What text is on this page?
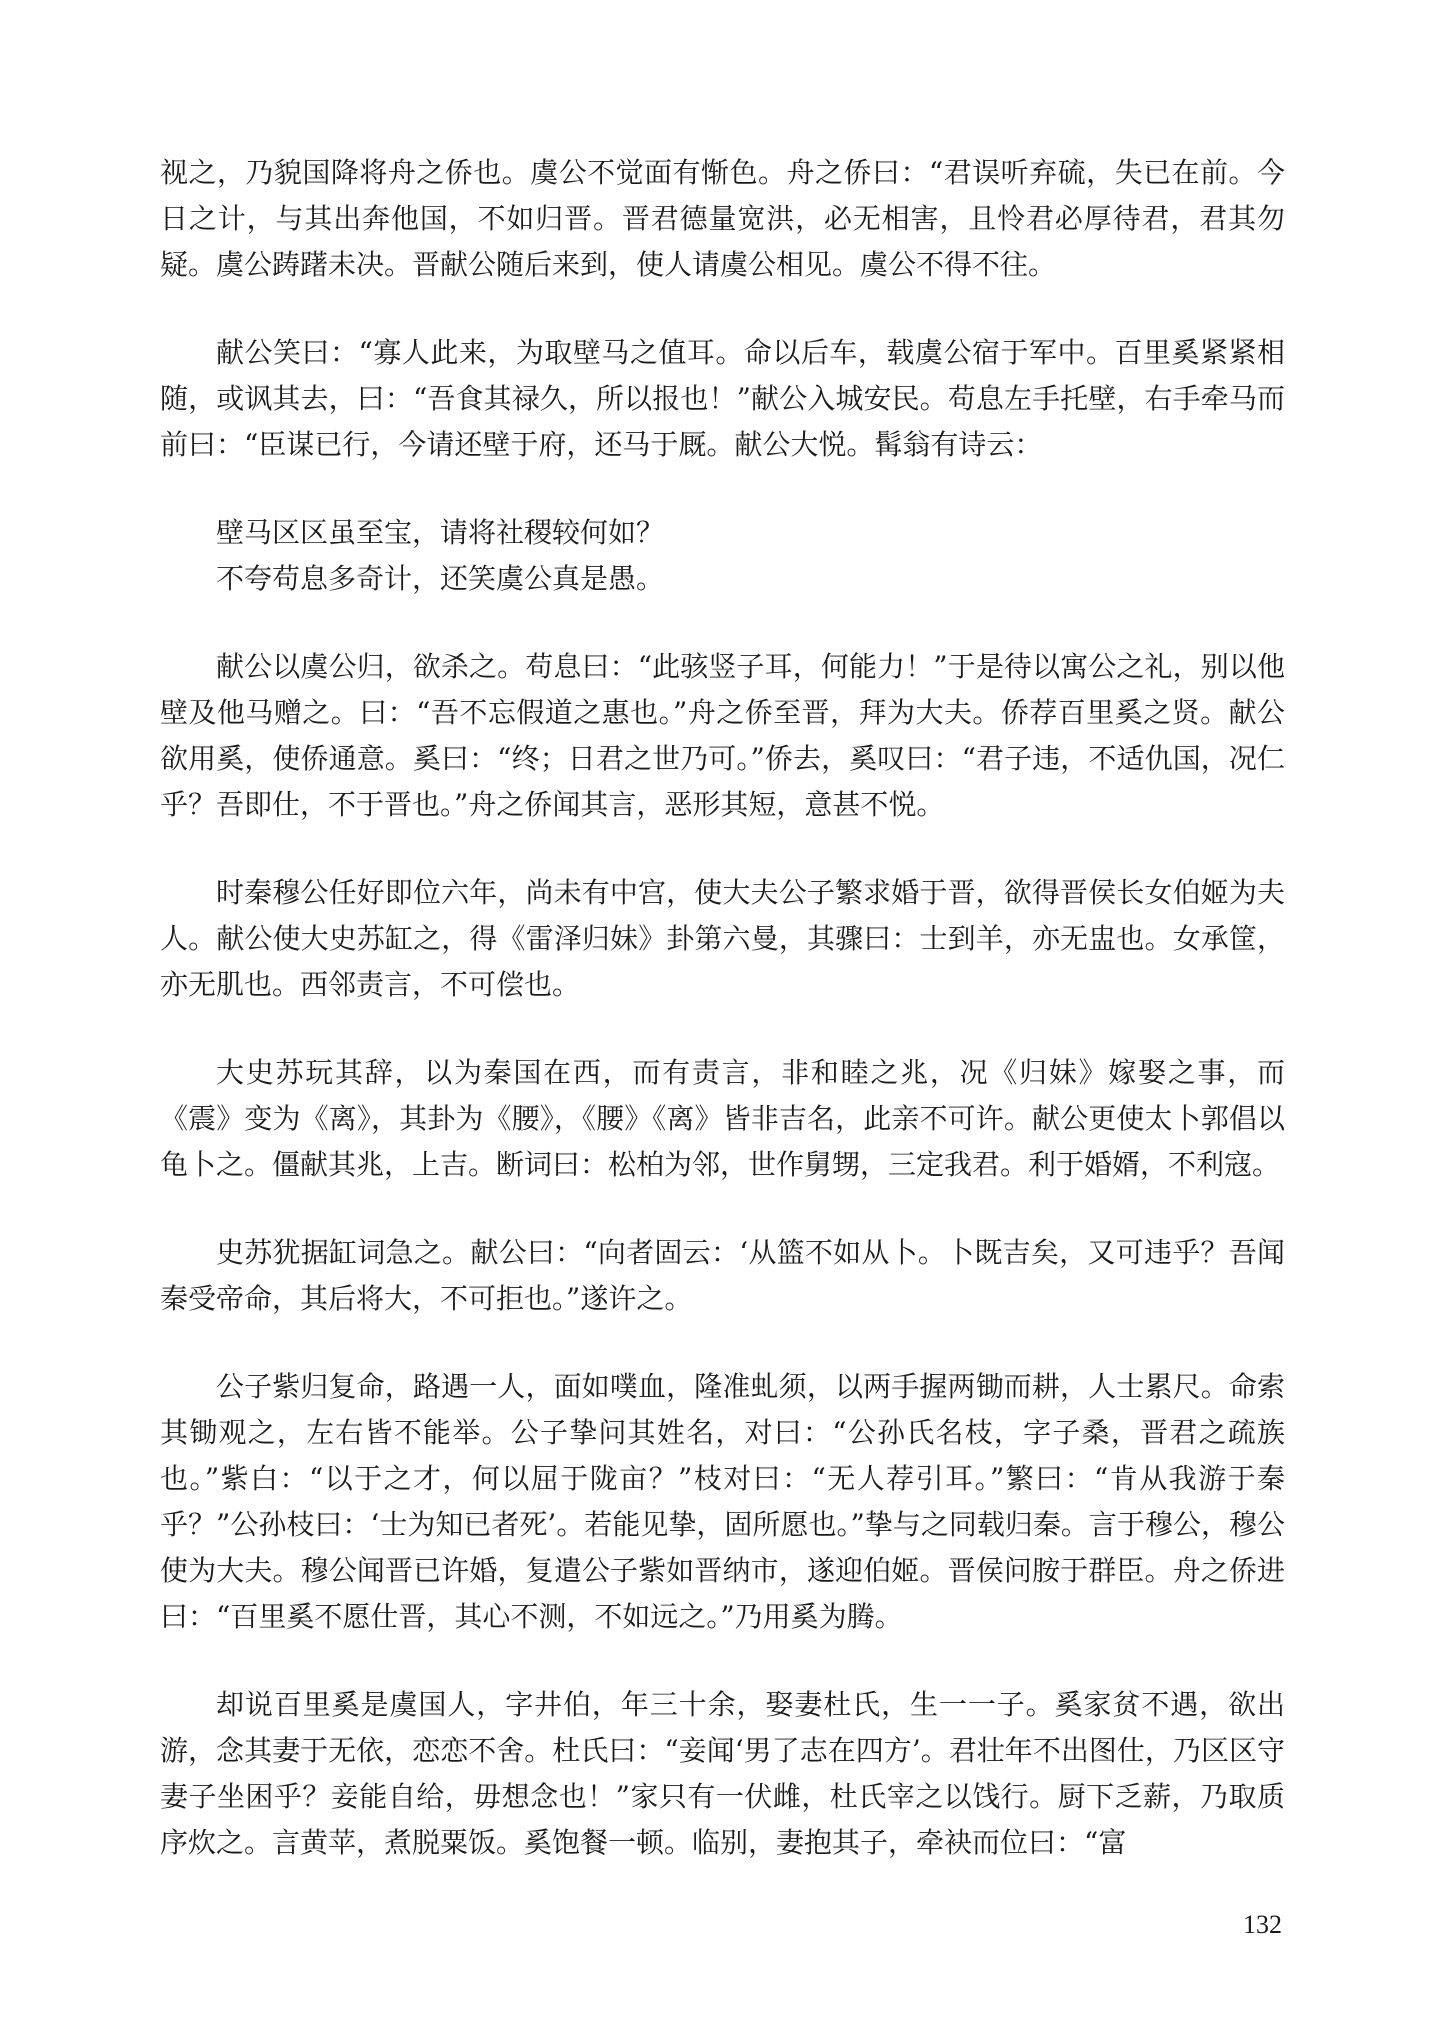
视之，乃貌国降将舟之侨也。虞公不觉面有惭色。舟之侨曰：“君误听弃硫，失已在前。今日之计，与其出奔他国，不如归晋。晋君德量宽洪，必无相害，且怜君必厚待君，君其勿疑。虞公踌躇未决。晋献公随后来到，使人请虞公相见。虞公不得不往。

献公笑曰：“寡人此来，为取壁马之值耳。命以后车，载虞公宿于军中。百里奚紧紧相随，或讽其去，曰：“吾食其禄久，所以报也！”献公入城安民。苟息左手托壁，右手牵马而前曰：“臣谋已行，今请还壁于府，还马于厩。献公大悦。髯翁有诗云：

壁马区区虽至宝，请将社稷较何如？
不夸苟息多奇计，还笑虞公真是愚。

献公以虞公归，欲杀之。苟息曰：“此骇竖子耳，何能力！”于是待以寓公之礼，别以他壁及他马赠之。曰：“吾不忘假道之惠也。”舟之侨至晋，拜为大夫。侨荐百里奚之贤。献公欲用奚，使侨通意。奚曰：“终；日君之世乃可。”侨去，奚叹曰：“君子违，不适仇国，况仁乎？吾即仕，不于晋也。”舟之侨闻其言，恶形其短，意甚不悦。

时秦穆公任好即位六年，尚未有中宫，使大夫公子繁求婚于晋，欲得晋侯长女伯姬为夫人。献公使大史苏缸之，得《雷泽归妹》卦第六曼，其骤曰：士到羊，亦无盅也。女承筐，亦无肌也。西邻责言，不可偿也。

大史苏玩其辞，以为秦国在西，而有责言，非和睦之兆，况《归妹》嫁娶之事，而《震》变为《离》，其卦为《腰》，《腰》《离》皆非吉名，此亲不可许。献公更使太卜郭倡以龟卜之。僵献其兆，上吉。断词曰：松柏为邻，世作舅甥，三定我君。利于婚婿，不利寇。

史苏犹据缸词急之。献公曰：“向者固云：‘从篮不如从卜。卜既吉矣，又可违乎？吾闻秦受帝命，其后将大，不可拒也。”遂许之。

公子紫归复命，路遇一人，面如噗血，隆准虬须，以两手握两锄而耕，人士累尺。命索其锄观之，左右皆不能举。公子挚问其姓名，对曰：“公孙氏名枝，字子桑，晋君之疏族也。”紫白：“以于之才，何以屈于陇亩？”枝对曰：“无人荐引耳。”繁曰：“肯从我游于秦乎？”公孙枝曰：‘士为知已者死’。若能见挚，固所愿也。”挚与之同载归秦。言于穆公，穆公使为大夫。穆公闻晋已许婚，复遣公子紫如晋纳市，遂迎伯姬。晋侯问胺于群臣。舟之侨进曰：“百里奚不愿仕晋，其心不测，不如远之。”乃用奚为腾。

却说百里奚是虞国人，字井伯，年三十余，娶妻杜氏，生一一子。奚家贫不遇，欲出游，念其妻于无依，恋恋不舍。杜氏曰：“妾闻‘男了志在四方’。君壮年不出图仕，乃区区守妻子坐困乎？妾能自给，毋想念也！”家只有一伏雌，杜氏宰之以饯行。厨下乏薪，乃取质序炊之。言黄苹，煮脱粟饭。奚饱餐一顿。临别，妻抱其子，牵袂而位曰：“富

132
